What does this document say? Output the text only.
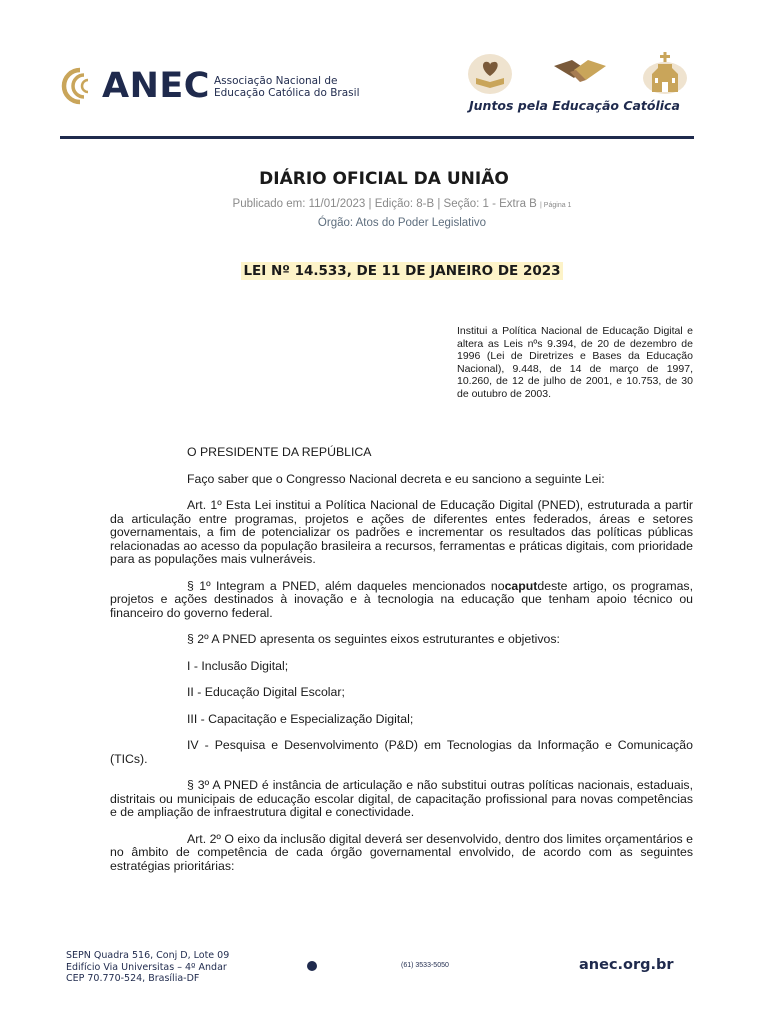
ANEC Associação Nacional de
Educação Católica do Brasil
Juntos pela Educação Católica
DIÁRIO OFICIAL DA UNIÃO
Publicado em: 11/01/2023 | Edição: 8-B | Seção: 1 - Extra B | Página 1
Órgão: Atos do Poder Legislativo
LEI Nº 14.533, DE 11 DE JANEIRO DE 2023
Institui a Política Nacional de Educação Digital e altera as Leis nºs 9.394, de 20 de dezembro de 1996 (Lei de Diretrizes e Bases da Educação Nacional), 9.448, de 14 de março de 1997, 10.260, de 12 de julho de 2001, e 10.753, de 30 de outubro de 2003.

O PRESIDENTE DA REPÚBLICA

Faço saber que o Congresso Nacional decreta e eu sanciono a seguinte Lei:

Art. 1º Esta Lei institui a Política Nacional de Educação Digital (PNED), estruturada a partir da articulação entre programas, projetos e ações de diferentes entes federados, áreas e setores governamentais, a fim de potencializar os padrões e incrementar os resultados das políticas públicas relacionadas ao acesso da população brasileira a recursos, ferramentas e práticas digitais, com prioridade para as populações mais vulneráveis.

§ 1º Integram a PNED, além daqueles mencionados nocaputdeste artigo, os programas, projetos e ações destinados à inovação e à tecnologia na educação que tenham apoio técnico ou financeiro do governo federal.

§ 2º A PNED apresenta os seguintes eixos estruturantes e objetivos:

I - Inclusão Digital;

II - Educação Digital Escolar;

III - Capacitação e Especialização Digital;

IV - Pesquisa e Desenvolvimento (P&D) em Tecnologias da Informação e Comunicação (TICs).

§ 3º A PNED é instância de articulação e não substitui outras políticas nacionais, estaduais, distritais ou municipais de educação escolar digital, de capacitação profissional para novas competências e de ampliação de infraestrutura digital e conectividade.

Art. 2º O eixo da inclusão digital deverá ser desenvolvido, dentro dos limites orçamentários e no âmbito de competência de cada órgão governamental envolvido, de acordo com as seguintes estratégias prioritárias:

SEPN Quadra 516, Conj D, Lote 09
Edifício Via Universitas – 4º Andar
CEP 70.770-524, Brasília-DF
(61) 3533-5050	anec.org.br
